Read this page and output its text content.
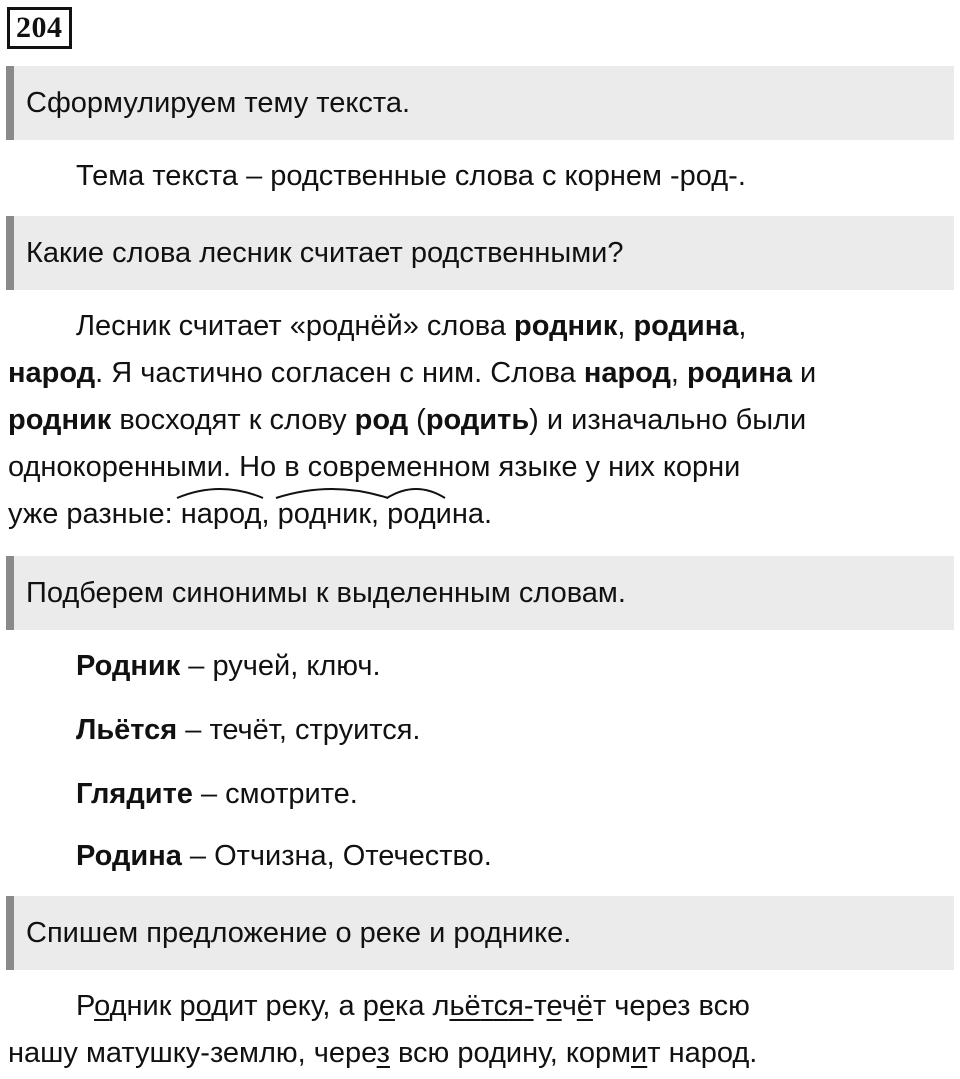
204
Сформулируем тему текста.
Тема текста – родственные слова с корнем -род-.
Какие слова лесник считает родственными?
Лесник считает «роднёй» слова родник, родина,
народ. Я частично согласен с ним. Слова народ, родина и
родник восходят к слову род (родить) и изначально были
однокоренными. Но в современном языке у них корни
уже разные:
народ,
родник,
родина.
Подберем синонимы к выделенным словам.
Родник – ручей, ключ.
Льётся – течёт, струится.
Глядите – смотрите.
Родина – Отчизна, Отечество.
Спишем предложение о реке и роднике.
Родник родит реку, а река льётся-течёт через всю
нашу матушку-землю, через всю родину, кормит народ.
